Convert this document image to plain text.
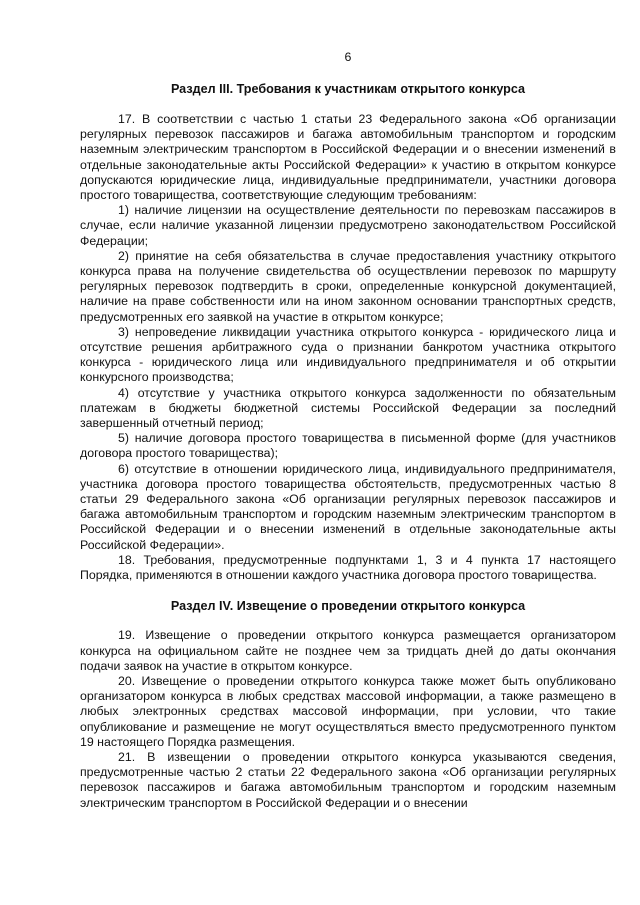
6
Раздел III. Требования к участникам открытого конкурса

17. В соответствии с частью 1 статьи 23 Федерального закона «Об организации регулярных перевозок пассажиров и багажа автомобильным транспортом и городским наземным электрическим транспортом в Российской Федерации и о внесении изменений в отдельные законодательные акты Российской Федерации» к участию в открытом конкурсе допускаются юридические лица, индивидуальные предприниматели, участники договора простого товарищества, соответствующие следующим требованиям:

1) наличие лицензии на осуществление деятельности по перевозкам пассажиров в случае, если наличие указанной лицензии предусмотрено законодательством Российской Федерации;

2) принятие на себя обязательства в случае предоставления участнику открытого конкурса права на получение свидетельства об осуществлении перевозок по маршруту регулярных перевозок подтвердить в сроки, определенные конкурсной документацией, наличие на праве собственности или на ином законном основании транспортных средств, предусмотренных его заявкой на участие в открытом конкурсе;

3) непроведение ликвидации участника открытого конкурса - юридического лица и отсутствие решения арбитражного суда о признании банкротом участника открытого конкурса - юридического лица или индивидуального предпринимателя и об открытии конкурсного производства;

4) отсутствие у участника открытого конкурса задолженности по обязательным платежам в бюджеты бюджетной системы Российской Федерации за последний завершенный отчетный период;

5) наличие договора простого товарищества в письменной форме (для участников договора простого товарищества);

6) отсутствие в отношении юридического лица, индивидуального предпринимателя, участника договора простого товарищества обстоятельств, предусмотренных частью 8 статьи 29 Федерального закона «Об организации регулярных перевозок пассажиров и багажа автомобильным транспортом и городским наземным электрическим транспортом в Российской Федерации и о внесении изменений в отдельные законодательные акты Российской Федерации».

18. Требования, предусмотренные подпунктами 1, 3 и 4 пункта 17 настоящего Порядка, применяются в отношении каждого участника договора простого товарищества.

Раздел IV. Извещение о проведении открытого конкурса

19. Извещение о проведении открытого конкурса размещается организатором конкурса на официальном сайте не позднее чем за тридцать дней до даты окончания подачи заявок на участие в открытом конкурсе.

20. Извещение о проведении открытого конкурса также может быть опубликовано организатором конкурса в любых средствах массовой информации, а также размещено в любых электронных средствах массовой информации, при условии, что такие опубликование и размещение не могут осуществляться вместо предусмотренного пунктом 19 настоящего Порядка размещения.

21. В извещении о проведении открытого конкурса указываются сведения, предусмотренные частью 2 статьи 22 Федерального закона «Об организации регулярных перевозок пассажиров и багажа автомобильным транспортом и городским наземным электрическим транспортом в Российской Федерации и о внесении
